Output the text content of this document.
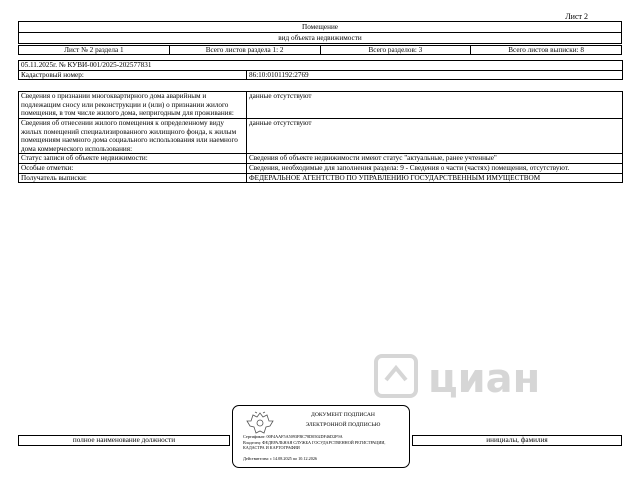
Лист 2
Помещение
вид объекта недвижимости
Лист № 2 раздела 1	Всего листов раздела 1: 2	Всего разделов: 3	Всего листов выписки: 8
05.11.2025г. № КУВИ-001/2025-202577831	
Кадастровый номер:	86:10:0101192:2769

Сведения о признании многоквартирного дома аварийным и подлежащим сносу или реконструкции и (или) о признании жилого помещения, в том числе жилого дома, непригодным для проживания:	данные отсутствуют
Сведения об отнесении жилого помещения к определенному виду жилых помещений специализированного жилищного фонда, к жилым помещениям наемного дома социального использования или наемного дома коммерческого использования:	данные отсутствуют
Статус записи об объекте недвижимости:	Сведения об объекте недвижимости имеют статус "актуальные, ранее учтенные"
Особые отметки:	Сведения, необходимые для заполнения раздела: 9 - Сведения о части (частях) помещения, отсутствуют.
Получатель выписки:	ФЕДЕРАЛЬНОЕ АГЕНТСТВО ПО УПРАВЛЕНИЮ ГОСУДАРСТВЕННЫМ ИМУЩЕСТВОМ
циан
полное наименование должности	инициалы, фамилия
ДОКУМЕНТ ПОДПИСАН
ЭЛЕКТРОННОЙ ПОДПИСЬЮ
Сертификат: 00F4AAF5A5093FBC78D0502DF46D2F9A
Владелец: ФЕДЕРАЛЬНАЯ СЛУЖБА ГОСУДАРСТВЕННОЙ РЕГИСТРАЦИИ, КАДАСТРА И КАРТОГРАФИИ
Действителен: с 14.08.2025 по 10.12.2026
